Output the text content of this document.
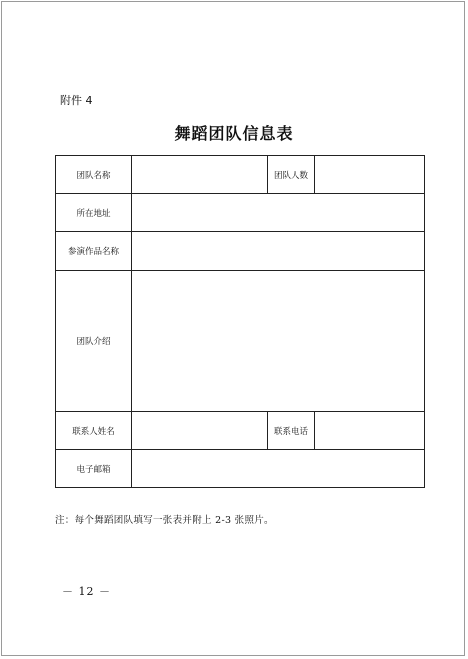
附件 4
舞蹈团队信息表
团队名称		团队人数	
所在地址			
参演作品名称			
团队介绍			
联系人姓名		联系电话	
电子邮箱			
注：每个舞蹈团队填写一张表并附上 2-3 张照片。
－ 12 －
